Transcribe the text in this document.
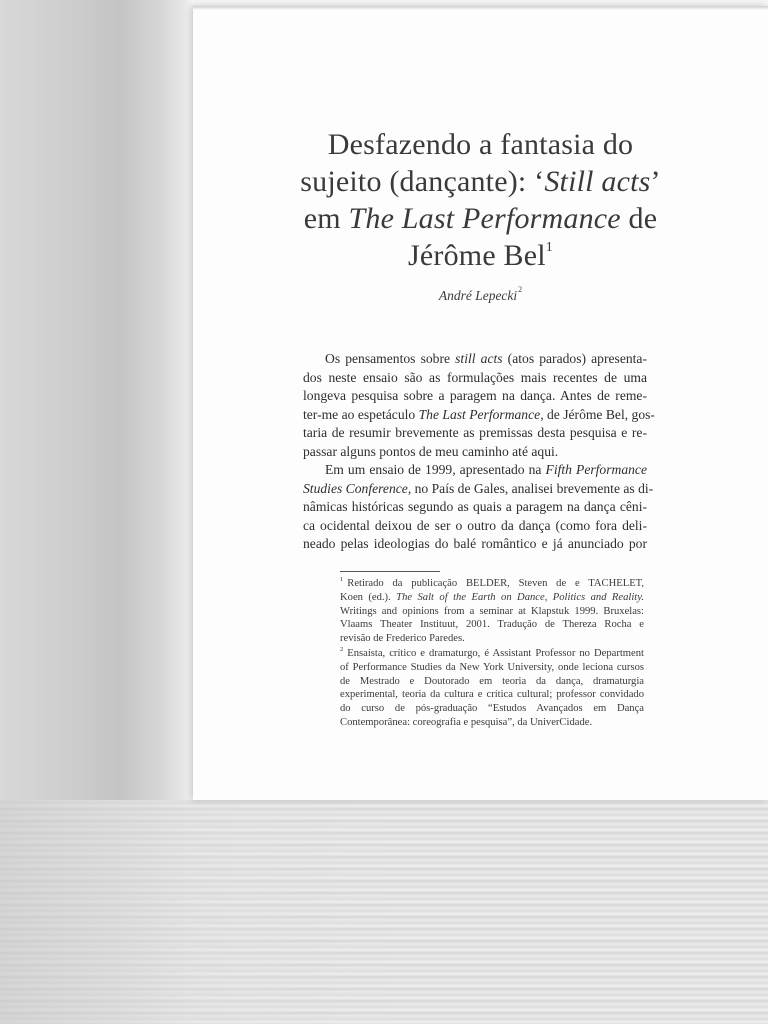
Desfazendo a fantasia do
sujeito (dançante): ‘Still acts’
em The Last Performance de
Jérôme Bel$^1$
André Lepecki$^2$
Os pensamentos sobre still acts (atos parados) apresenta-
dos neste ensaio são as formulações mais recentes de uma
longeva pesquisa sobre a paragem na dança. Antes de reme-
ter-me ao espetáculo The Last Performance, de Jérôme Bel, gos-
taria de resumir brevemente as premissas desta pesquisa e re-
passar alguns pontos de meu caminho até aqui.
Em um ensaio de 1999, apresentado na Fifth Performance
Studies Conference, no País de Gales, analisei brevemente as di-
nâmicas históricas segundo as quais a paragem na dança cêni-
ca ocidental deixou de ser o outro da dança (como fora deli-
neado pelas ideologias do balé romântico e já anunciado por
$^1$ Retirado da publicação BELDER, Steven de e TACHELET,
Koen (ed.). The Salt of the Earth on Dance, Politics and Reality.
Writings and opinions from a seminar at Klapstuk 1999. Bruxelas:
Vlaams Theater Instituut, 2001. Tradução de Thereza Rocha e
revisão de Frederico Paredes.
$^2$ Ensaísta, crítico e dramaturgo, é Assistant Professor no Department
of Performance Studies da New York University, onde leciona cursos
de Mestrado e Doutorado em teoria da dança, dramaturgia
experimental, teoria da cultura e crítica cultural; professor convidado
do curso de pós-graduação “Estudos Avançados em Dança
Contemporânea: coreografia e pesquisa”, da UniverCidade.
